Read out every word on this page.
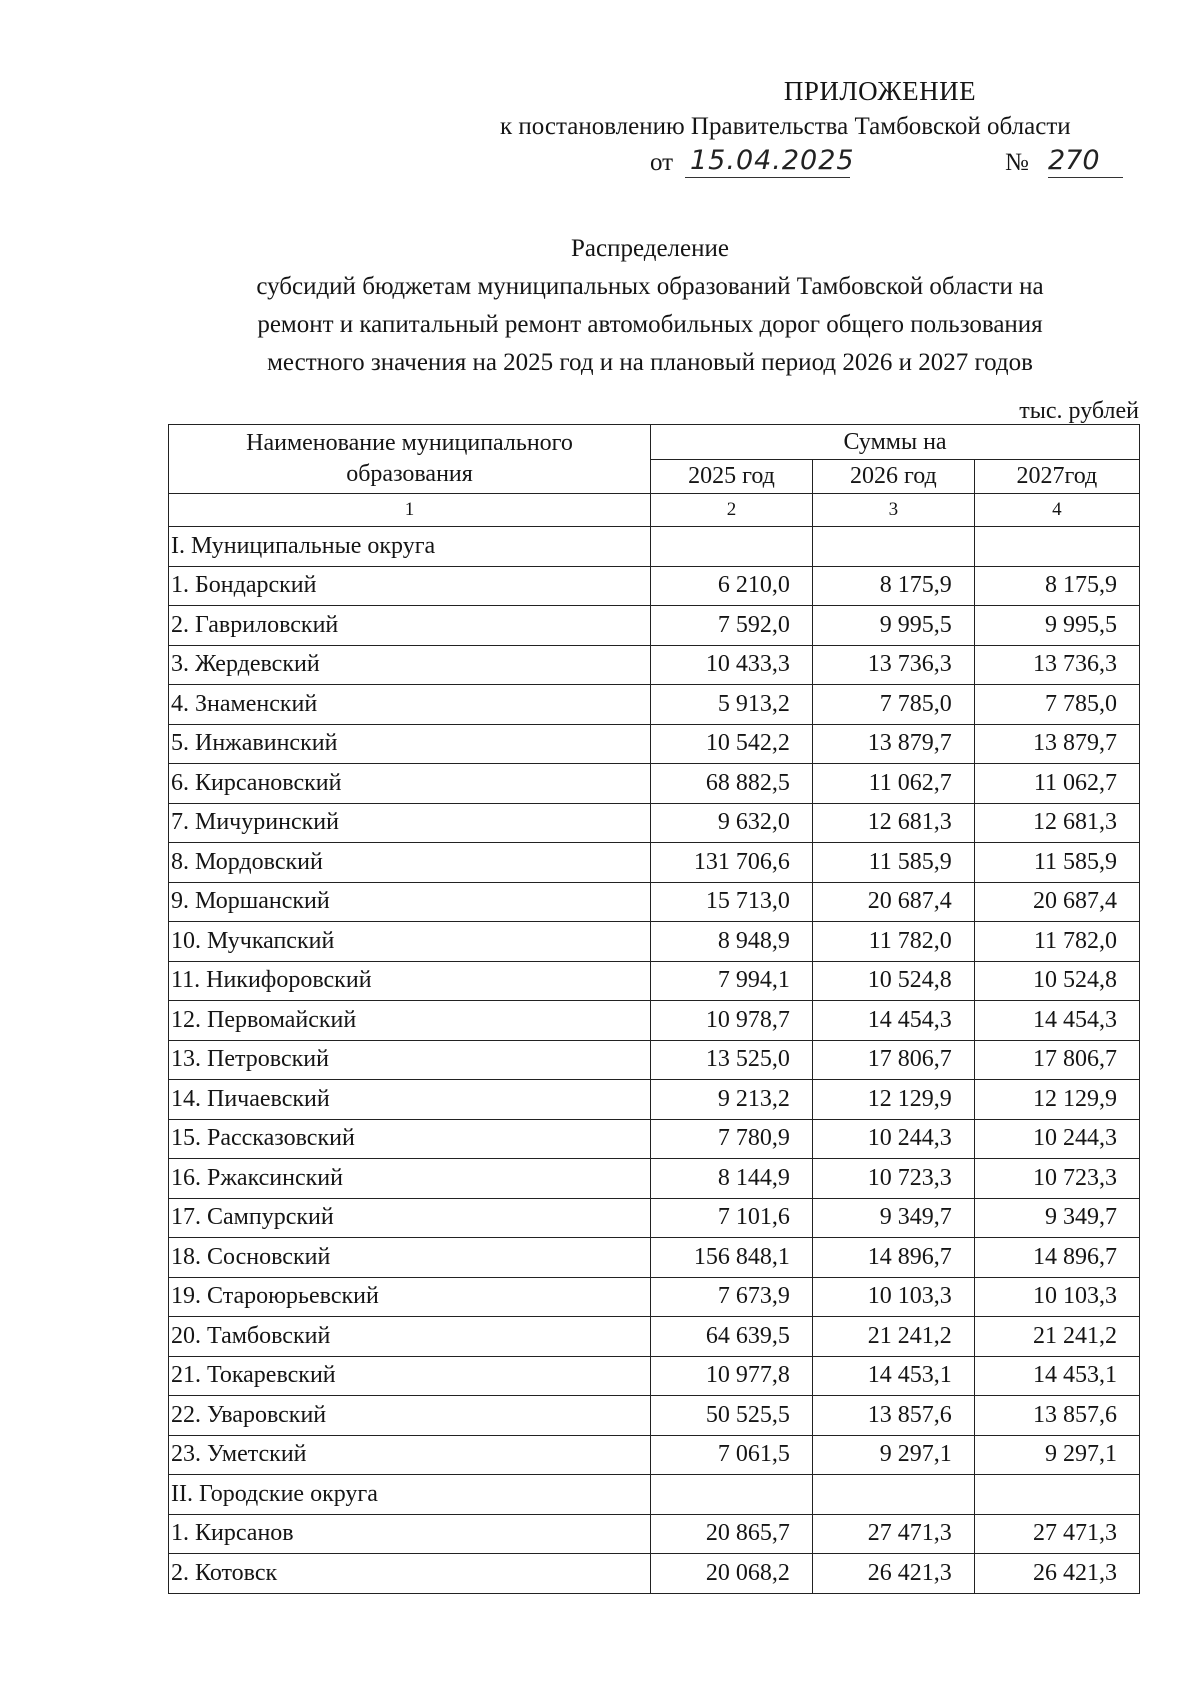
ПРИЛОЖЕНИЕ
к постановлению Правительства Тамбовской области
от 15.04.2025	№ 270
Распределение
субсидий бюджетам муниципальных образований Тамбовской области на
ремонт и капитальный ремонт автомобильных дорог общего пользования
местного значения на 2025 год и на плановый период 2026 и 2027 годов
тыс. рублей
Наименование муниципального образования	Суммы на		
	2025 год	2026 год	2027год
1	2	3	4
I. Муниципальные округа			
1. Бондарский	6 210,0	8 175,9	8 175,9
2. Гавриловский	7 592,0	9 995,5	9 995,5
3. Жердевский	10 433,3	13 736,3	13 736,3
4. Знаменский	5 913,2	7 785,0	7 785,0
5. Инжавинский	10 542,2	13 879,7	13 879,7
6. Кирсановский	68 882,5	11 062,7	11 062,7
7. Мичуринский	9 632,0	12 681,3	12 681,3
8. Мордовский	131 706,6	11 585,9	11 585,9
9. Моршанский	15 713,0	20 687,4	20 687,4
10. Мучкапский	8 948,9	11 782,0	11 782,0
11. Никифоровский	7 994,1	10 524,8	10 524,8
12. Первомайский	10 978,7	14 454,3	14 454,3
13. Петровский	13 525,0	17 806,7	17 806,7
14. Пичаевский	9 213,2	12 129,9	12 129,9
15. Рассказовский	7 780,9	10 244,3	10 244,3
16. Ржаксинский	8 144,9	10 723,3	10 723,3
17. Сампурский	7 101,6	9 349,7	9 349,7
18. Сосновский	156 848,1	14 896,7	14 896,7
19. Староюрьевский	7 673,9	10 103,3	10 103,3
20. Тамбовский	64 639,5	21 241,2	21 241,2
21. Токаревский	10 977,8	14 453,1	14 453,1
22. Уваровский	50 525,5	13 857,6	13 857,6
23. Уметский	7 061,5	9 297,1	9 297,1
II. Городские округа			
1. Кирсанов	20 865,7	27 471,3	27 471,3
2. Котовск	20 068,2	26 421,3	26 421,3
